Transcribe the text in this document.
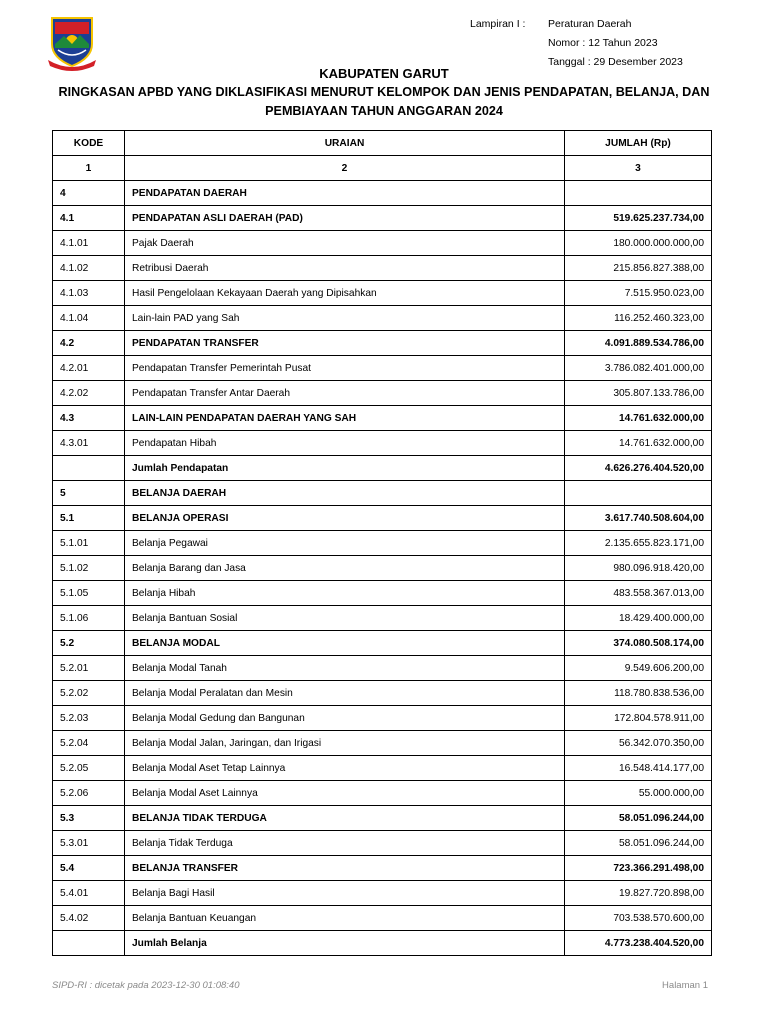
Lampiran I :	Peraturan Daerah
Nomor : 12 Tahun 2023
Tanggal : 29 Desember 2023
KABUPATEN GARUT
RINGKASAN APBD YANG DIKLASIFIKASI MENURUT KELOMPOK DAN JENIS PENDAPATAN, BELANJA, DAN
PEMBIAYAAN TAHUN ANGGARAN 2024
KODE	URAIAN	JUMLAH (Rp)
1	2	3
4	PENDAPATAN DAERAH	
4.1	PENDAPATAN ASLI DAERAH (PAD)	519.625.237.734,00
4.1.01	Pajak Daerah	180.000.000.000,00
4.1.02	Retribusi Daerah	215.856.827.388,00
4.1.03	Hasil Pengelolaan Kekayaan Daerah yang Dipisahkan	7.515.950.023,00
4.1.04	Lain-lain PAD yang Sah	116.252.460.323,00
4.2	PENDAPATAN TRANSFER	4.091.889.534.786,00
4.2.01	Pendapatan Transfer Pemerintah Pusat	3.786.082.401.000,00
4.2.02	Pendapatan Transfer Antar Daerah	305.807.133.786,00
4.3	LAIN-LAIN PENDAPATAN DAERAH YANG SAH	14.761.632.000,00
4.3.01	Pendapatan Hibah	14.761.632.000,00
	Jumlah Pendapatan	4.626.276.404.520,00
5	BELANJA DAERAH	
5.1	BELANJA OPERASI	3.617.740.508.604,00
5.1.01	Belanja Pegawai	2.135.655.823.171,00
5.1.02	Belanja Barang dan Jasa	980.096.918.420,00
5.1.05	Belanja Hibah	483.558.367.013,00
5.1.06	Belanja Bantuan Sosial	18.429.400.000,00
5.2	BELANJA MODAL	374.080.508.174,00
5.2.01	Belanja Modal Tanah	9.549.606.200,00
5.2.02	Belanja Modal Peralatan dan Mesin	118.780.838.536,00
5.2.03	Belanja Modal Gedung dan Bangunan	172.804.578.911,00
5.2.04	Belanja Modal Jalan, Jaringan, dan Irigasi	56.342.070.350,00
5.2.05	Belanja Modal Aset Tetap Lainnya	16.548.414.177,00
5.2.06	Belanja Modal Aset Lainnya	55.000.000,00
5.3	BELANJA TIDAK TERDUGA	58.051.096.244,00
5.3.01	Belanja Tidak Terduga	58.051.096.244,00
5.4	BELANJA TRANSFER	723.366.291.498,00
5.4.01	Belanja Bagi Hasil	19.827.720.898,00
5.4.02	Belanja Bantuan Keuangan	703.538.570.600,00
	Jumlah Belanja	4.773.238.404.520,00
SIPD-RI : dicetak pada 2023-12-30 01:08:40	Halaman 1
